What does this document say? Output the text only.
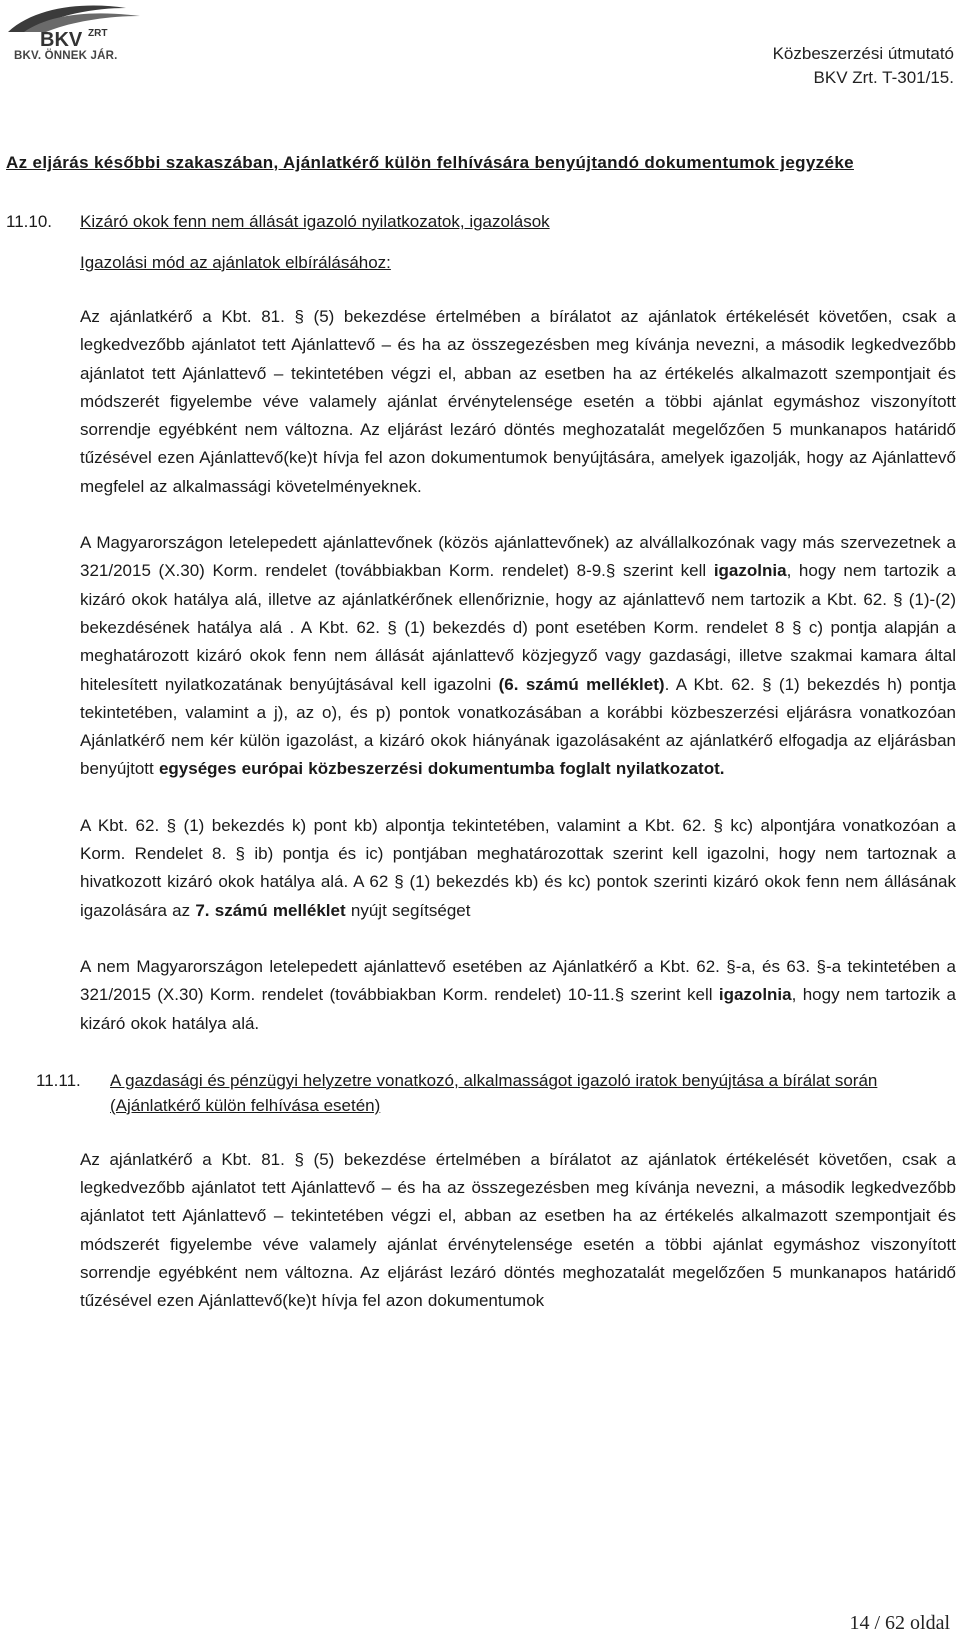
BKV ZRT
BKV. ÖNNEK JÁR.	Közbeszerzési útmutató
BKV Zrt. T-301/15.
Az eljárás későbbi szakaszában, Ajánlatkérő külön felhívására benyújtandó dokumentumok jegyzéke
11.10.	Kizáró okok fenn nem állását igazoló nyilatkozatok, igazolások
Igazolási mód az ajánlatok elbírálásához:

Az ajánlatkérő a Kbt. 81. § (5) bekezdése értelmében a bírálatot az ajánlatok értékelését követően, csak a legkedvezőbb ajánlatot tett Ajánlattevő – és ha az összegezésben meg kívánja nevezni, a második legkedvezőbb ajánlatot tett Ajánlattevő – tekintetében végzi el, abban az esetben ha az értékelés alkalmazott szempontjait és módszerét figyelembe véve valamely ajánlat érvénytelensége esetén a többi ajánlat egymáshoz viszonyított sorrendje egyébként nem változna. Az eljárást lezáró döntés meghozatalát megelőzően 5 munkanapos határidő tűzésével ezen Ajánlattevő(ke)t hívja fel azon dokumentumok benyújtására, amelyek igazolják, hogy az Ajánlattevő megfelel az alkalmassági követelményeknek.

A Magyarországon letelepedett ajánlattevőnek (közös ajánlattevőnek) az alvállalkozónak vagy más szervezetnek a 321/2015 (X.30) Korm. rendelet (továbbiakban Korm. rendelet) 8-9.§ szerint kell igazolnia, hogy nem tartozik a kizáró okok hatálya alá, illetve az ajánlatkérőnek ellenőriznie, hogy az ajánlattevő nem tartozik a Kbt. 62. § (1)-(2) bekezdésének hatálya alá . A Kbt. 62. § (1) bekezdés d) pont esetében Korm. rendelet 8 § c) pontja alapján a meghatározott kizáró okok fenn nem állását ajánlattevő közjegyző vagy gazdasági, illetve szakmai kamara által hitelesített nyilatkozatának benyújtásával kell igazolni (6. számú melléklet). A Kbt. 62. § (1) bekezdés h) pontja tekintetében, valamint a j), az o), és p) pontok vonatkozásában a korábbi közbeszerzési eljárásra vonatkozóan Ajánlatkérő nem kér külön igazolást, a kizáró okok hiányának igazolásaként az ajánlatkérő elfogadja az eljárásban benyújtott egységes európai közbeszerzési dokumentumba foglalt nyilatkozatot.

A Kbt. 62. § (1) bekezdés k) pont kb) alpontja tekintetében, valamint a Kbt. 62. § kc) alpontjára vonatkozóan a Korm. Rendelet 8. § ib) pontja és ic) pontjában meghatározottak szerint kell igazolni, hogy nem tartoznak a hivatkozott kizáró okok hatálya alá. A 62 § (1) bekezdés kb) és kc) pontok szerinti kizáró okok fenn nem állásának igazolására az 7. számú melléklet nyújt segítséget

A nem Magyarországon letelepedett ajánlattevő esetében az Ajánlatkérő a Kbt. 62. §-a, és 63. §-a tekintetében a 321/2015 (X.30) Korm. rendelet (továbbiakban Korm. rendelet) 10-11.§ szerint kell igazolnia, hogy nem tartozik a kizáró okok hatálya alá.

11.11.	A gazdasági és pénzügyi helyzetre vonatkozó, alkalmasságot igazoló iratok benyújtása a bírálat során (Ajánlatkérő külön felhívása esetén)

Az ajánlatkérő a Kbt. 81. § (5) bekezdése értelmében a bírálatot az ajánlatok értékelését követően, csak a legkedvezőbb ajánlatot tett Ajánlattevő – és ha az összegezésben meg kívánja nevezni, a második legkedvezőbb ajánlatot tett Ajánlattevő – tekintetében végzi el, abban az esetben ha az értékelés alkalmazott szempontjait és módszerét figyelembe véve valamely ajánlat érvénytelensége esetén a többi ajánlat egymáshoz viszonyított sorrendje egyébként nem változna. Az eljárást lezáró döntés meghozatalát megelőzően 5 munkanapos határidő tűzésével ezen Ajánlattevő(ke)t hívja fel azon dokumentumok

14 / 62 oldal
